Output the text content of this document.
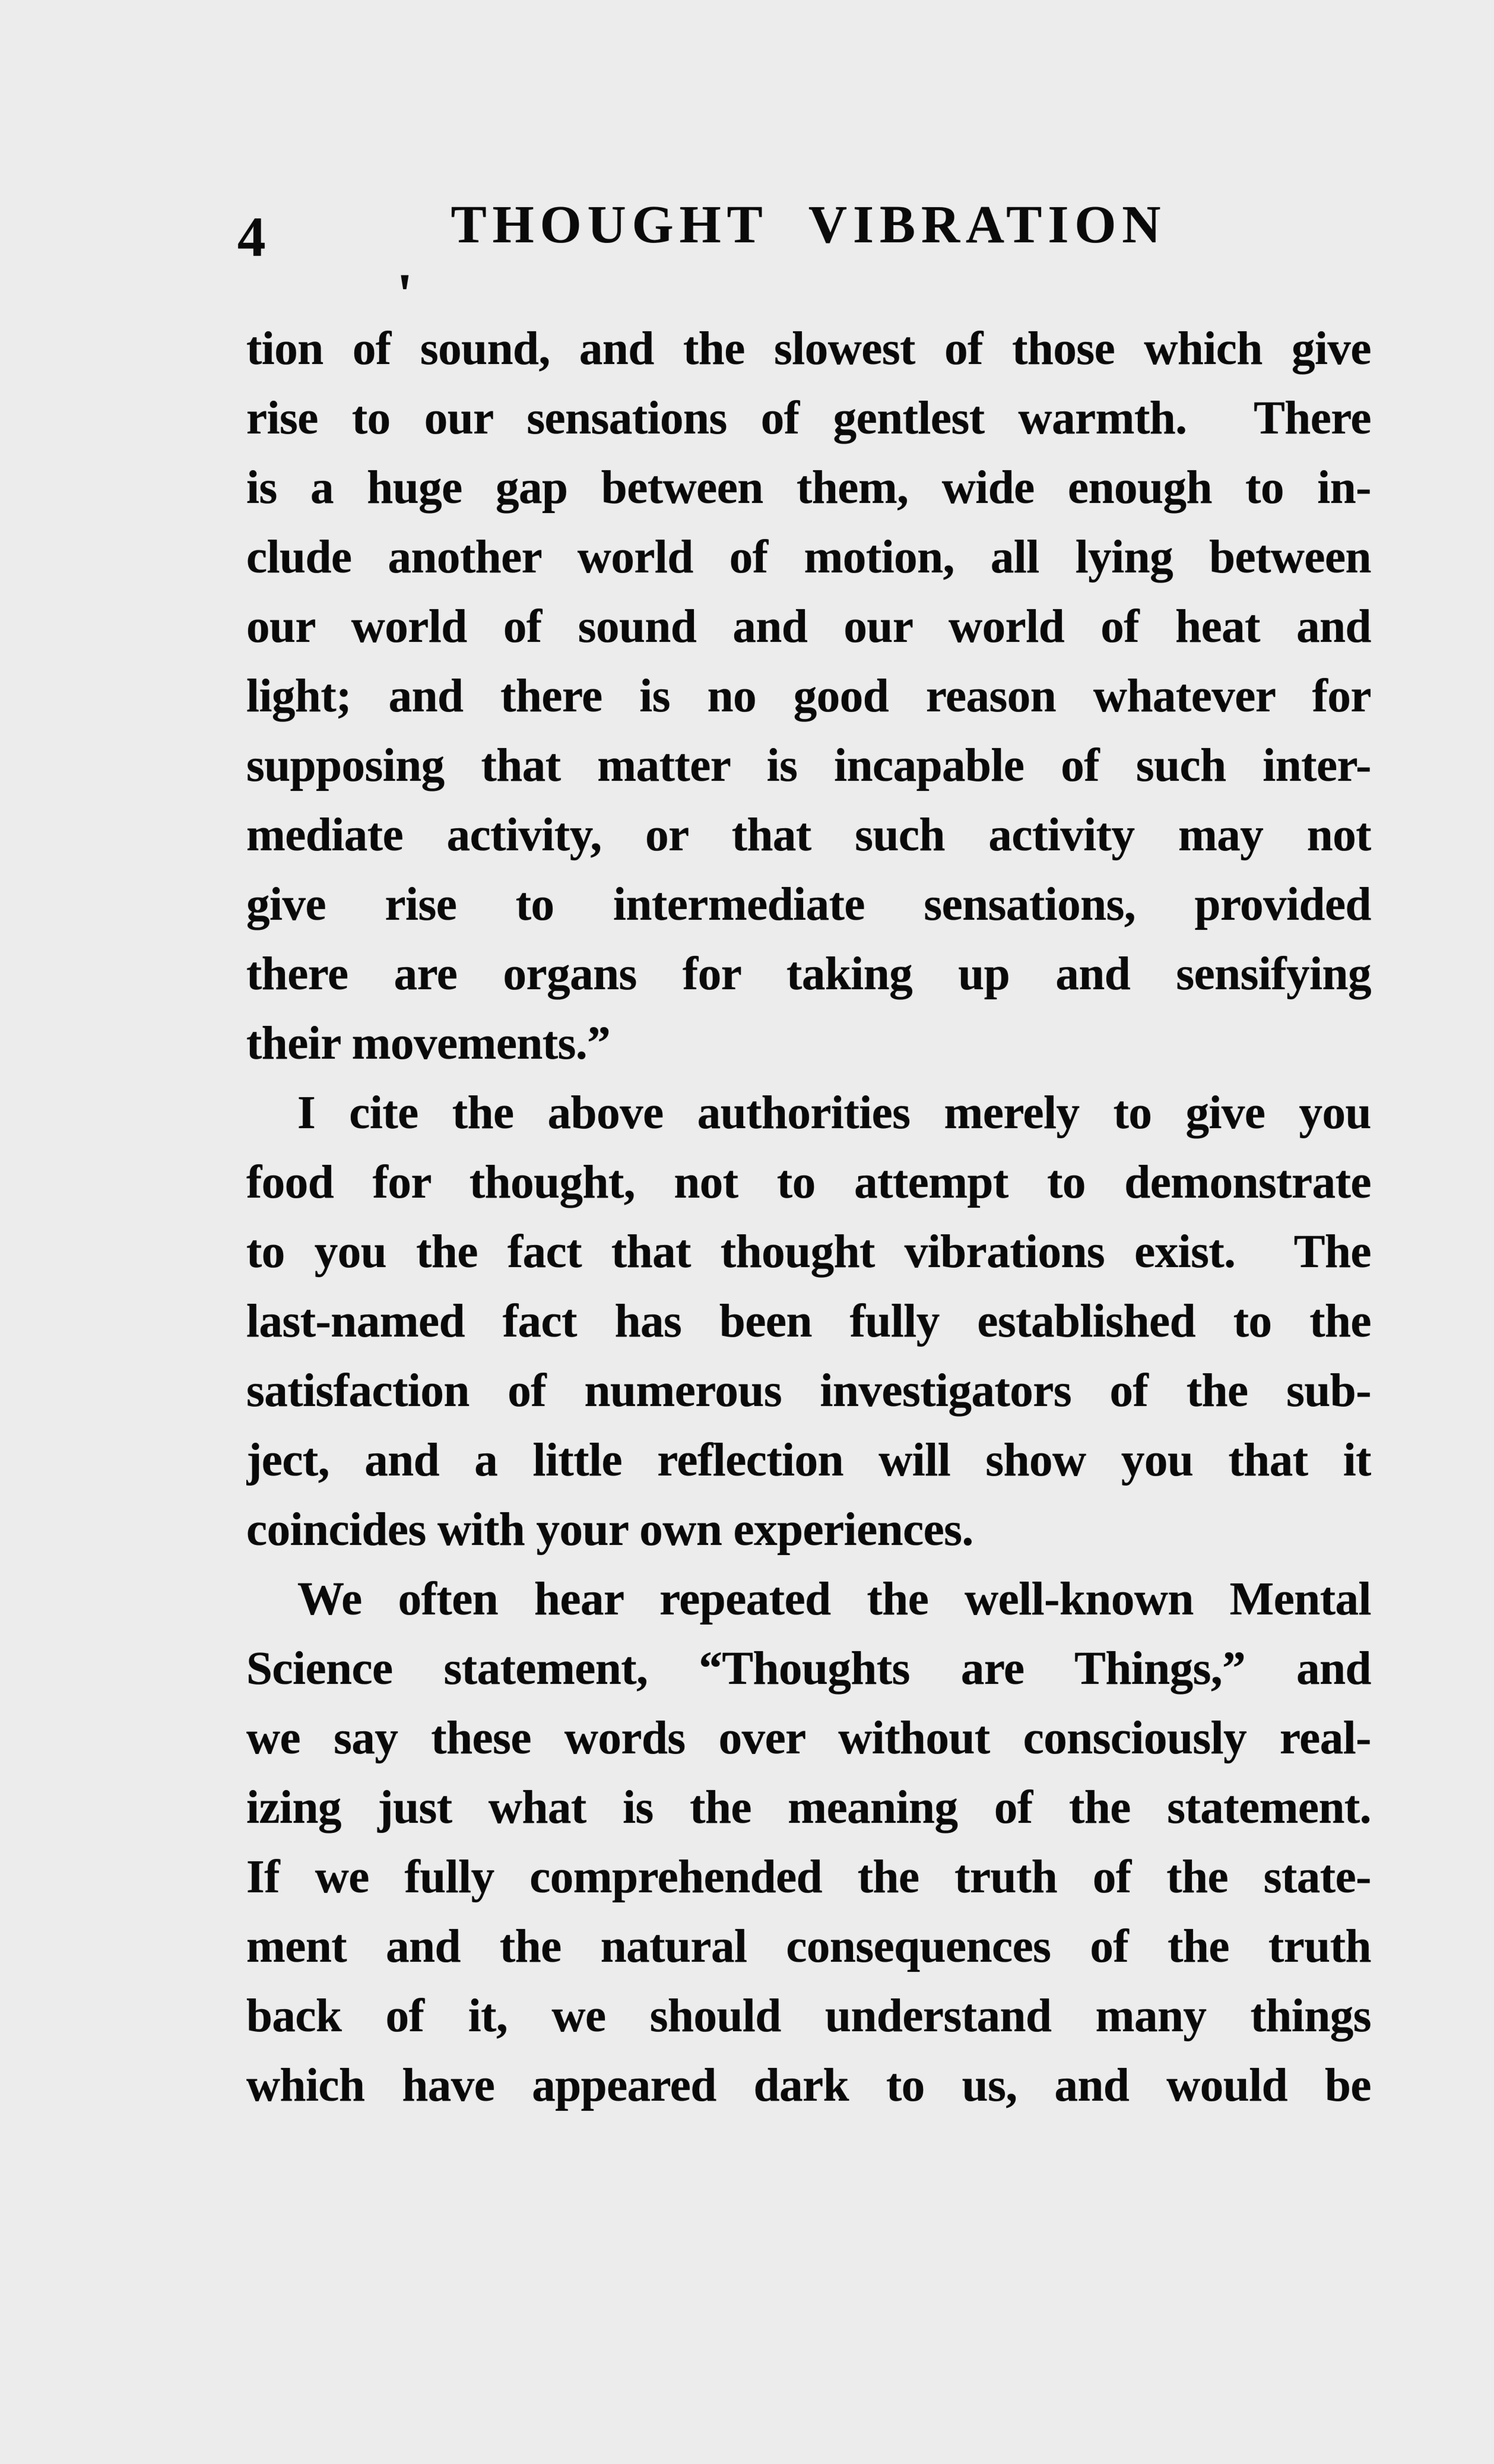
4	THOUGHT VIBRATION
'
tion of sound, and the slowest of those which give
rise to our sensations of gentlest warmth.  There
is a huge gap between them, wide enough to in-
clude another world of motion, all lying between
our world of sound and our world of heat and
light; and there is no good reason whatever for
supposing that matter is incapable of such inter-
mediate activity, or that such activity may not
give rise to intermediate sensations, provided
there are organs for taking up and sensifying
their movements.”
I cite the above authorities merely to give you
food for thought, not to attempt to demonstrate
to you the fact that thought vibrations exist.  The
last-named fact has been fully established to the
satisfaction of numerous investigators of the sub-
ject, and a little reflection will show you that it
coincides with your own experiences.
We often hear repeated the well-known Mental
Science statement, “Thoughts are Things,” and
we say these words over without consciously real-
izing just what is the meaning of the statement.
If we fully comprehended the truth of the state-
ment and the natural consequences of the truth
back of it, we should understand many things
which have appeared dark to us, and would be
